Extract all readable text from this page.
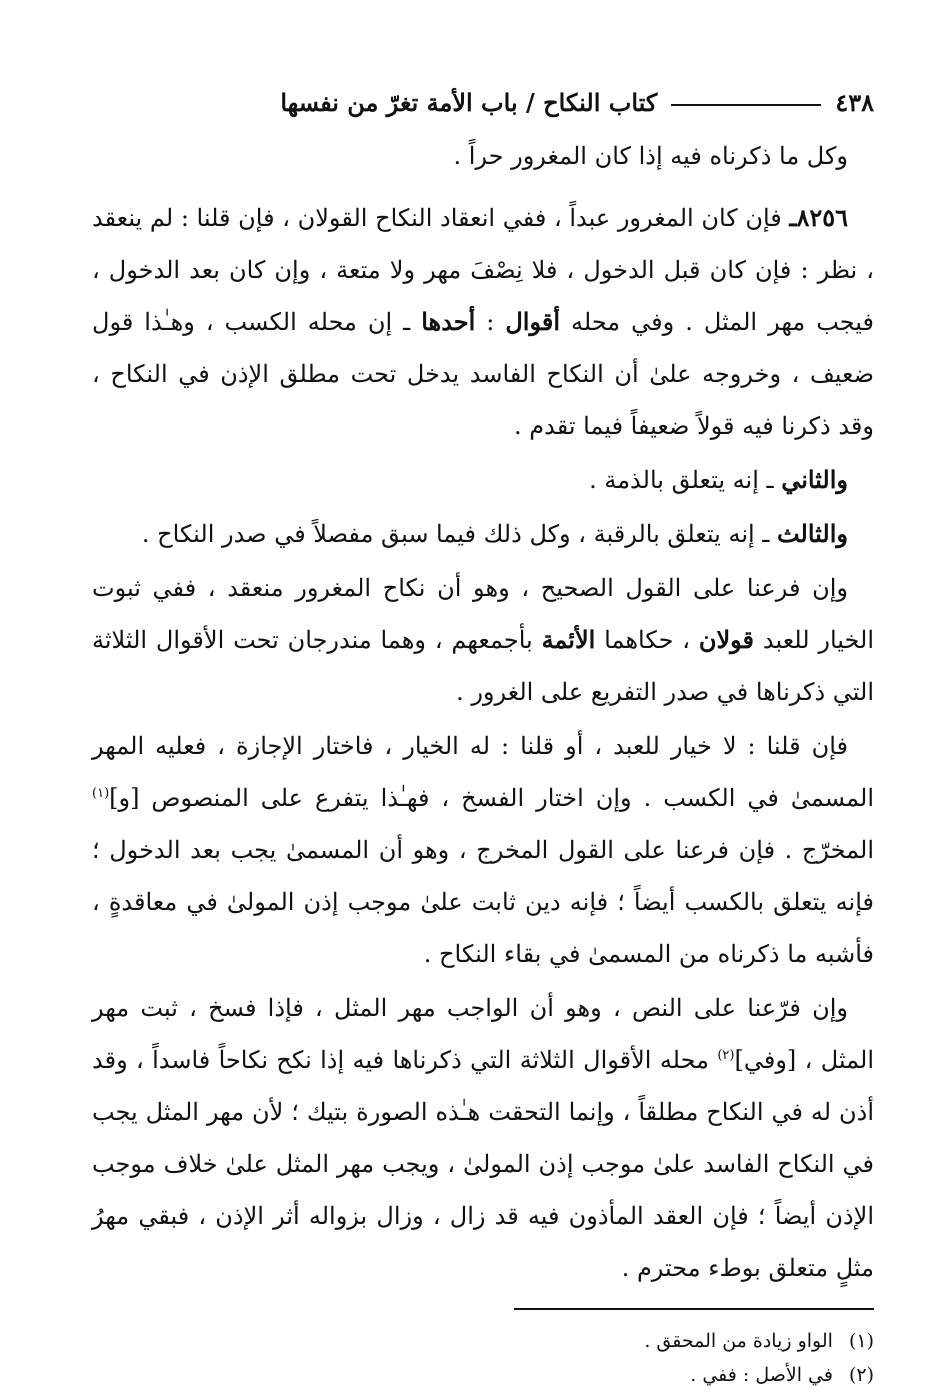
٤٣٨
كتاب النكاح / باب الأمة تغرّ من نفسها

وكل ما ذكرناه فيه إذا كان المغرور حراً .

٨٢٥٦ـ فإن كان المغرور عبداً ، ففي انعقاد النكاح القولان ، فإن قلنا : لم ينعقد ، نظر : فإن كان قبل الدخول ، فلا نِصْفَ مهر ولا متعة ، وإن كان بعد الدخول ، فيجب مهر المثل . وفي محله أقوال : أحدها ـ إن محله الكسب ، وهـٰذا قول ضعيف ، وخروجه علىٰ أن النكاح الفاسد يدخل تحت مطلق الإذن في النكاح ، وقد ذكرنا فيه قولاً ضعيفاً فيما تقدم .

والثاني ـ إنه يتعلق بالذمة .

والثالث ـ إنه يتعلق بالرقبة ، وكل ذلك فيما سبق مفصلاً في صدر النكاح .

وإن فرعنا على القول الصحيح ، وهو أن نكاح المغرور منعقد ، ففي ثبوت الخيار للعبد قولان ، حكاهما الأئمة بأجمعهم ، وهما مندرجان تحت الأقوال الثلاثة التي ذكرناها في صدر التفريع على الغرور .

فإن قلنا : لا خيار للعبد ، أو قلنا : له الخيار ، فاختار الإجازة ، فعليه المهر المسمىٰ في الكسب . وإن اختار الفسخ ، فهـٰذا يتفرع على المنصوص [و]$^{(١)}$ المخرّج . فإن فرعنا على القول المخرج ، وهو أن المسمىٰ يجب بعد الدخول ؛ فإنه يتعلق بالكسب أيضاً ؛ فإنه دين ثابت علىٰ موجب إذن المولىٰ في معاقدةٍ ، فأشبه ما ذكرناه من المسمىٰ في بقاء النكاح .

وإن فرّعنا على النص ، وهو أن الواجب مهر المثل ، فإذا فسخ ، ثبت مهر المثل ، [وفي]$^{(٢)}$ محله الأقوال الثلاثة التي ذكرناها فيه إذا نكح نكاحاً فاسداً ، وقد أذن له في النكاح مطلقاً ، وإنما التحقت هـٰذه الصورة بتيك ؛ لأن مهر المثل يجب في النكاح الفاسد علىٰ موجب إذن المولىٰ ، ويجب مهر المثل علىٰ خلاف موجب الإذن أيضاً ؛ فإن العقد المأذون فيه قد زال ، وزال بزواله أثر الإذن ، فبقي مهرُ مثلٍ متعلق بوطء محترم .

(١)
الواو زيادة من المحقق .
(٢)
في الأصل : ففي .
